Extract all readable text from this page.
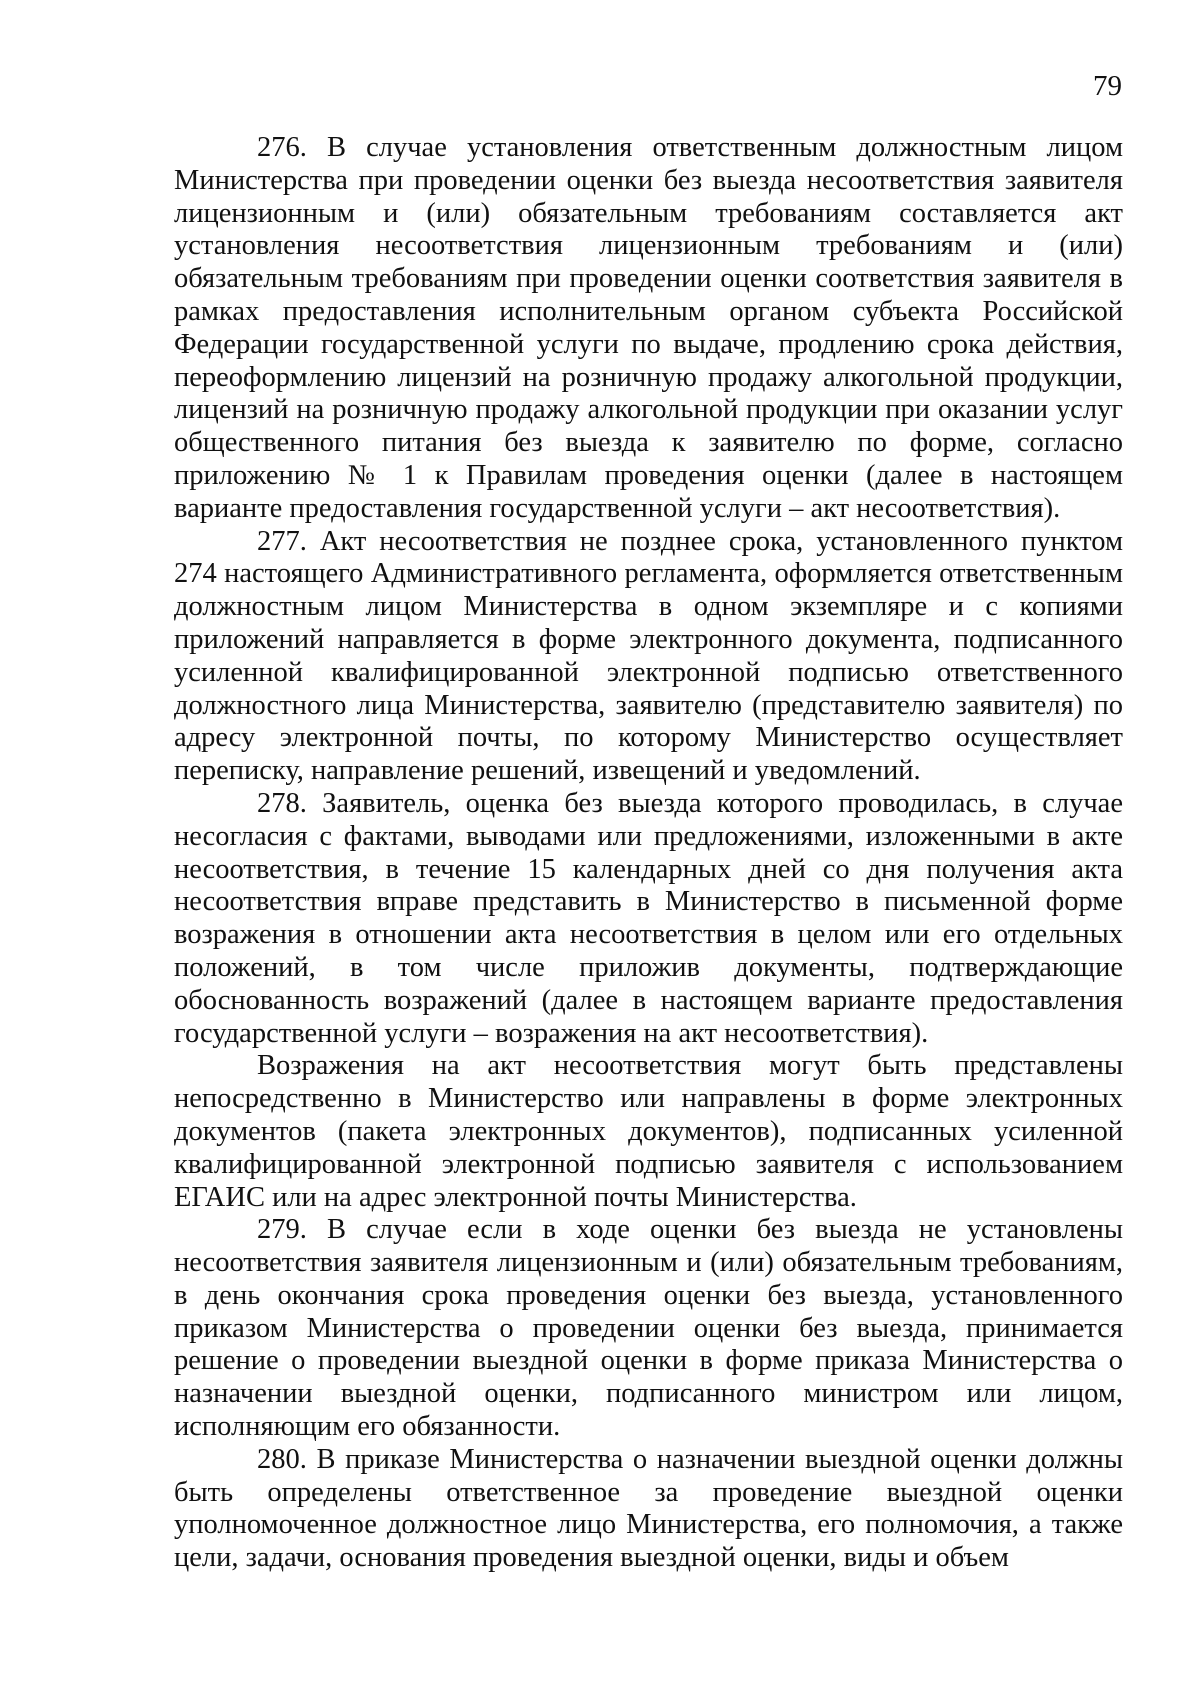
79

276. В случае установления ответственным должностным лицом Министерства при проведении оценки без выезда несоответствия заявителя лицензионным и (или) обязательным требованиям составляется акт установления несоответствия лицензионным требованиям и (или) обязательным требованиям при проведении оценки соответствия заявителя в рамках предоставления исполнительным органом субъекта Российской Федерации государственной услуги по выдаче, продлению срока действия, переоформлению лицензий на розничную продажу алкогольной продукции, лицензий на розничную продажу алкогольной продукции при оказании услуг общественного питания без выезда к заявителю по форме, согласно приложению № 1 к Правилам проведения оценки (далее в настоящем варианте предоставления государственной услуги – акт несоответствия).

277. Акт несоответствия не позднее срока, установленного пунктом 274 настоящего Административного регламента, оформляется ответственным должностным лицом Министерства в одном экземпляре и с копиями приложений направляется в форме электронного документа, подписанного усиленной квалифицированной электронной подписью ответственного должностного лица Министерства, заявителю (представителю заявителя) по адресу электронной почты, по которому Министерство осуществляет переписку, направление решений, извещений и уведомлений.

278. Заявитель, оценка без выезда которого проводилась, в случае несогласия с фактами, выводами или предложениями, изложенными в акте несоответствия, в течение 15 календарных дней со дня получения акта несоответствия вправе представить в Министерство в письменной форме возражения в отношении акта несоответствия в целом или его отдельных положений, в том числе приложив документы, подтверждающие обоснованность возражений (далее в настоящем варианте предоставления государственной услуги – возражения на акт несоответствия).

Возражения на акт несоответствия могут быть представлены непосредственно в Министерство или направлены в форме электронных документов (пакета электронных документов), подписанных усиленной квалифицированной электронной подписью заявителя с использованием ЕГАИС или на адрес электронной почты Министерства.

279. В случае если в ходе оценки без выезда не установлены несоответствия заявителя лицензионным и (или) обязательным требованиям, в день окончания срока проведения оценки без выезда, установленного приказом Министерства о проведении оценки без выезда, принимается решение о проведении выездной оценки в форме приказа Министерства о назначении выездной оценки, подписанного министром или лицом, исполняющим его обязанности.

280. В приказе Министерства о назначении выездной оценки должны быть определены ответственное за проведение выездной оценки уполномоченное должностное лицо Министерства, его полномочия, а также цели, задачи, основания проведения выездной оценки, виды и объем
